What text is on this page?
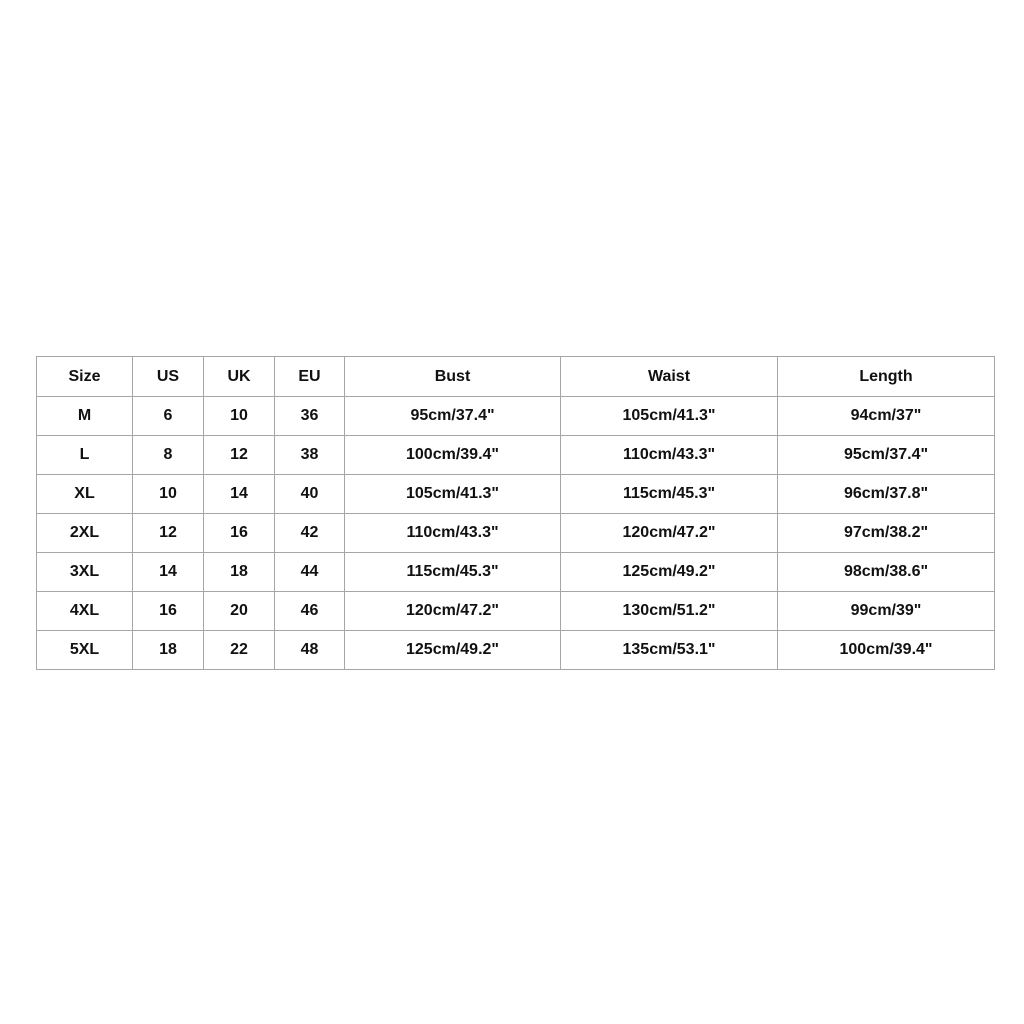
Size	US	UK	EU	Bust	Waist	Length
M	6	10	36	95cm/37.4"	105cm/41.3"	94cm/37"
L	8	12	38	100cm/39.4"	110cm/43.3"	95cm/37.4"
XL	10	14	40	105cm/41.3"	115cm/45.3"	96cm/37.8"
2XL	12	16	42	110cm/43.3"	120cm/47.2"	97cm/38.2"
3XL	14	18	44	115cm/45.3"	125cm/49.2"	98cm/38.6"
4XL	16	20	46	120cm/47.2"	130cm/51.2"	99cm/39"
5XL	18	22	48	125cm/49.2"	135cm/53.1"	100cm/39.4"
